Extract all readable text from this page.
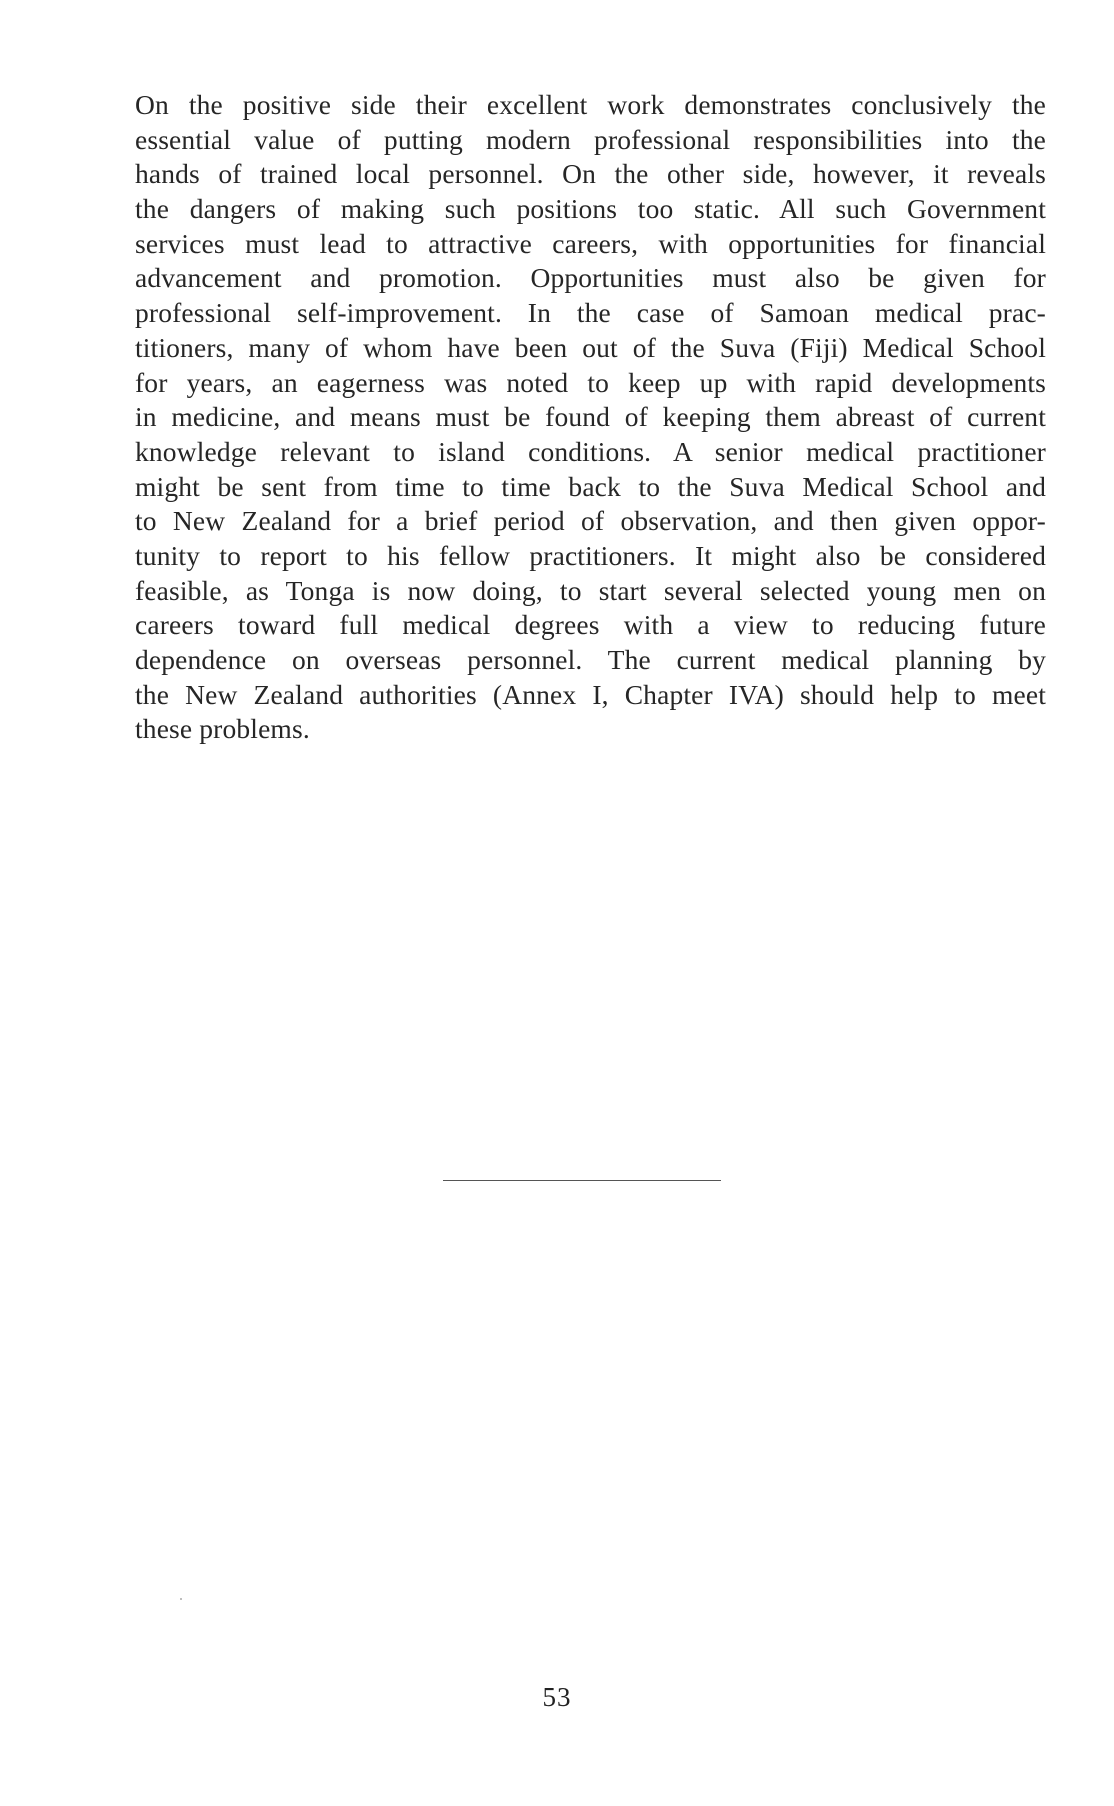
On the positive side their excellent work demonstrates conclusively the
essential value of putting modern professional responsibilities into the
hands of trained local personnel. On the other side, however, it reveals
the dangers of making such positions too static. All such Government
services must lead to attractive careers, with opportunities for financial
advancement and promotion. Opportunities must also be given for
professional self-improvement. In the case of Samoan medical prac-
titioners, many of whom have been out of the Suva (Fiji) Medical School
for years, an eagerness was noted to keep up with rapid developments
in medicine, and means must be found of keeping them abreast of current
knowledge relevant to island conditions. A senior medical practitioner
might be sent from time to time back to the Suva Medical School and
to New Zealand for a brief period of observation, and then given oppor-
tunity to report to his fellow practitioners. It might also be considered
feasible, as Tonga is now doing, to start several selected young men on
careers toward full medical degrees with a view to reducing future
dependence on overseas personnel. The current medical planning by
the New Zealand authorities (Annex I, Chapter IVA) should help to meet
these problems.

53
